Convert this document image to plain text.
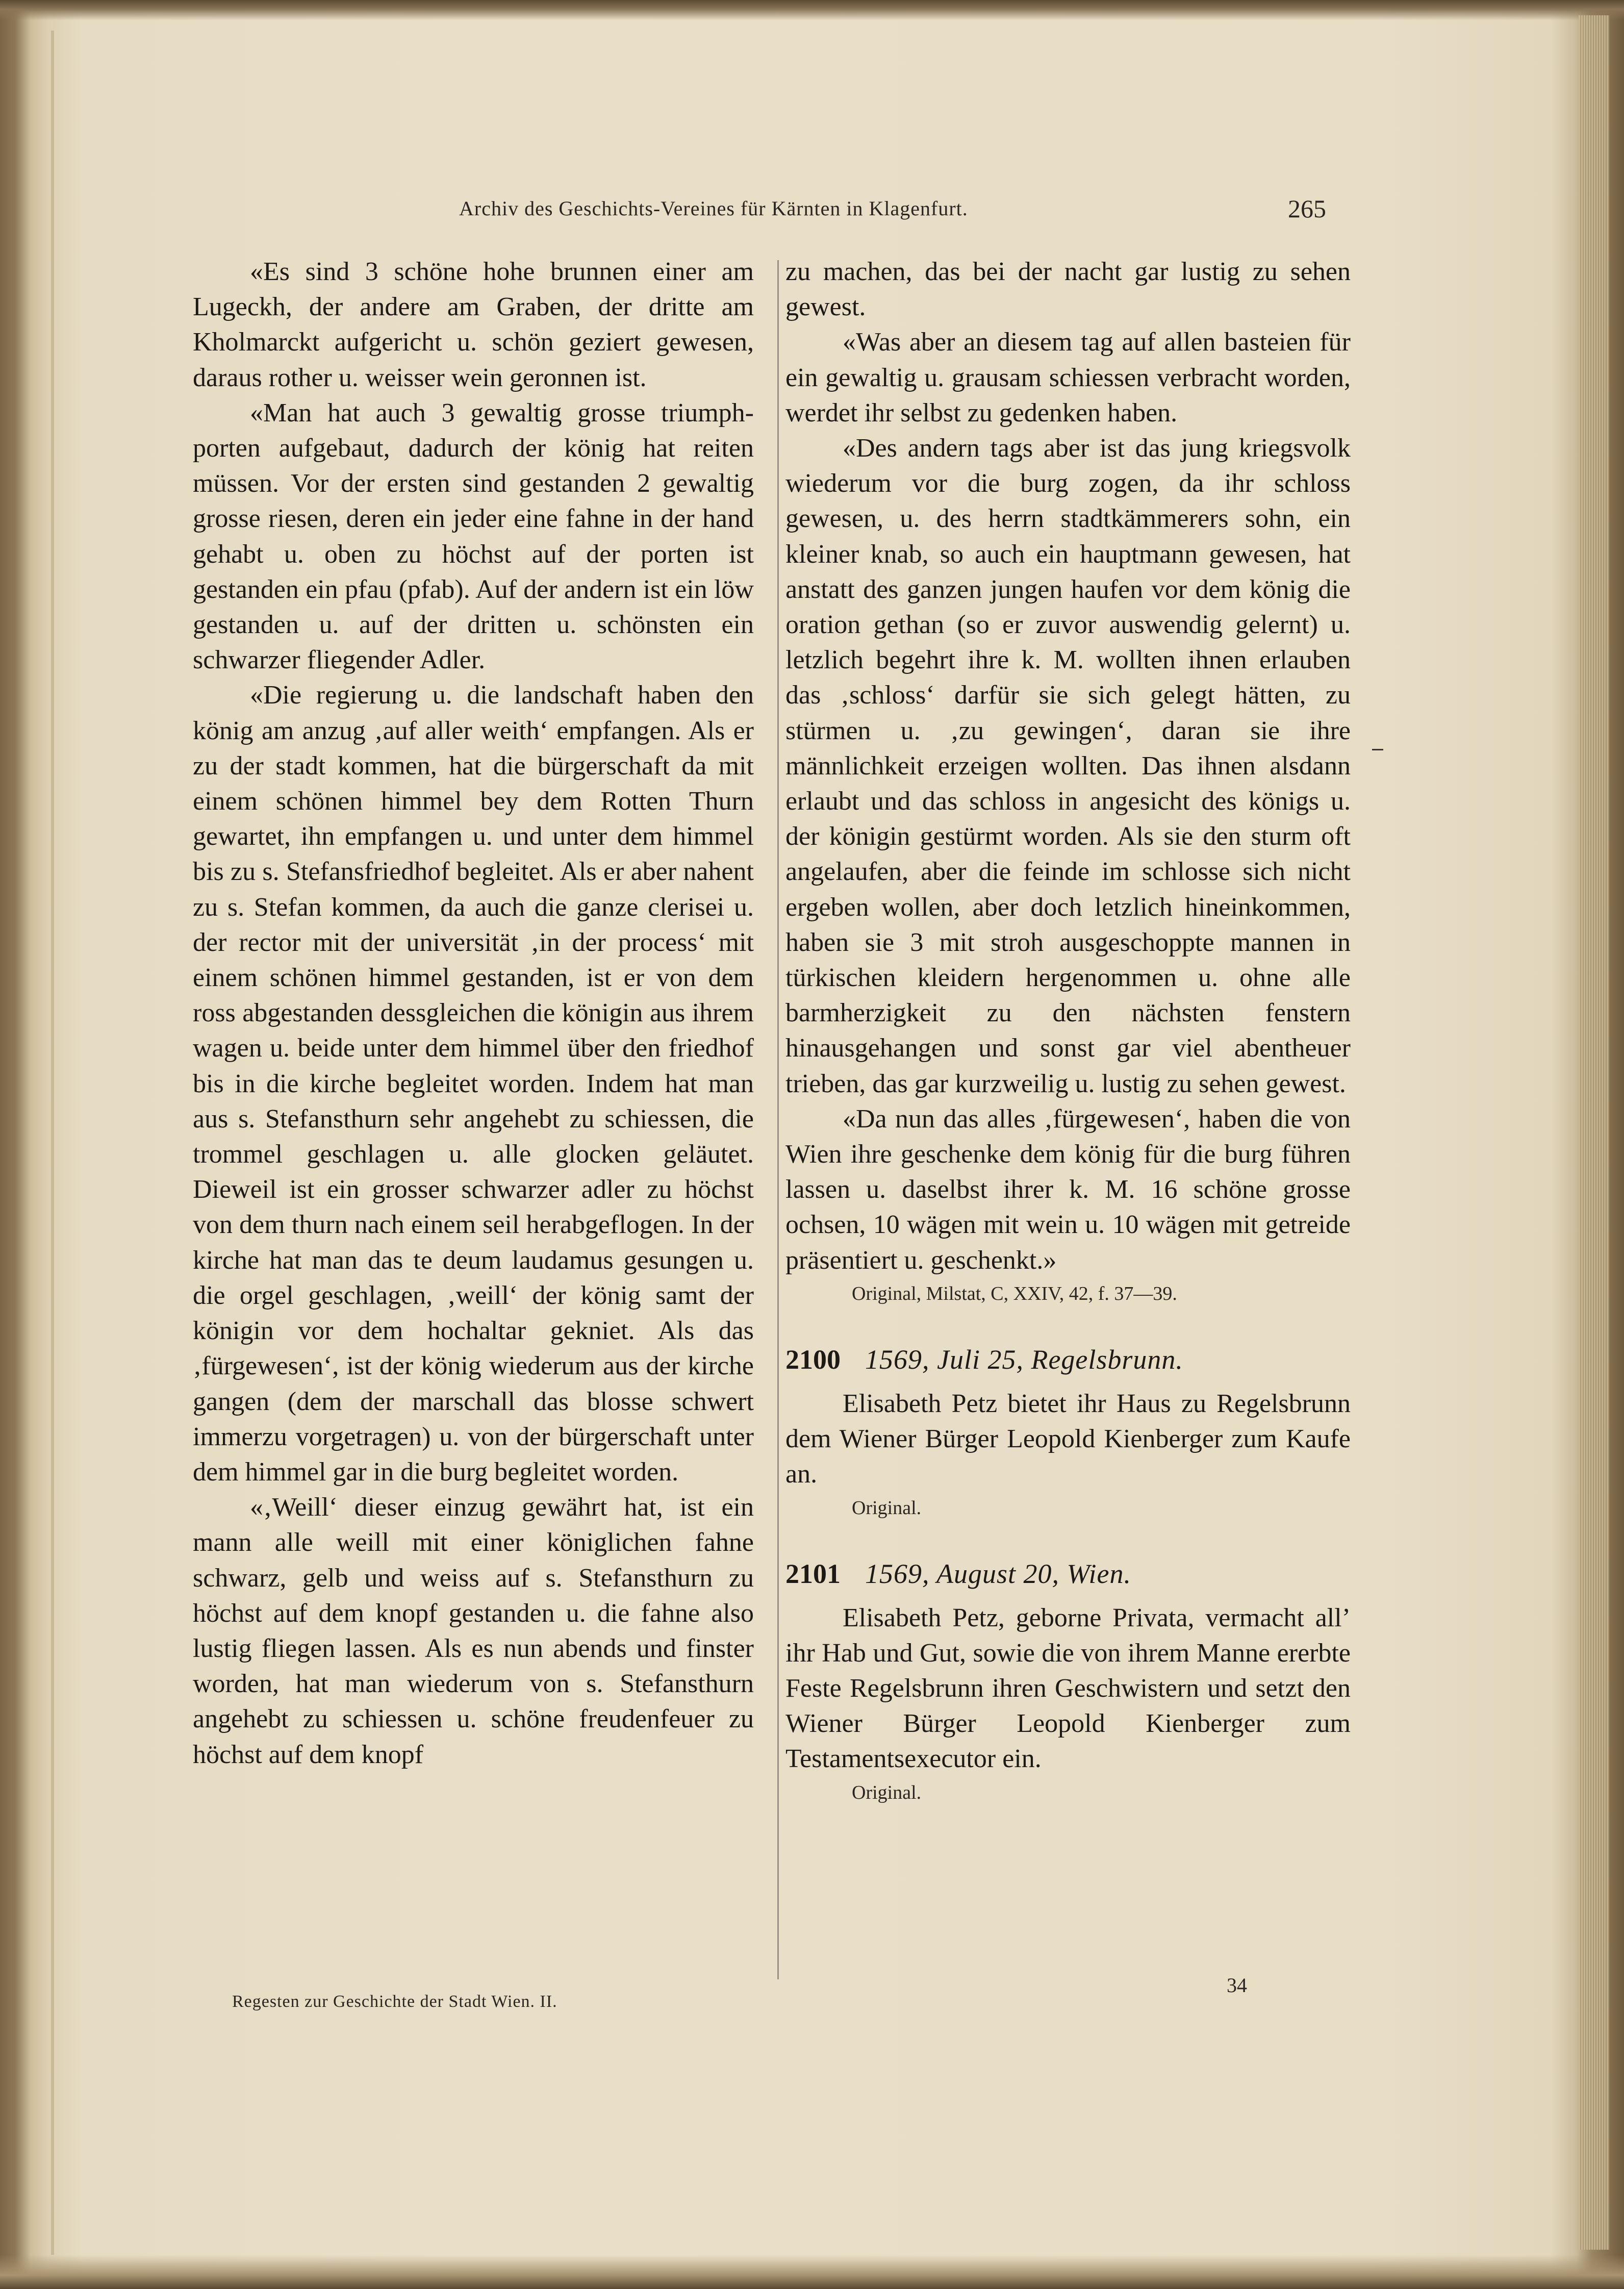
Archiv des Geschichts-Vereines für Kärnten in Klagenfurt.	265

«Es sind 3 schöne hohe brunnen einer am Lugeckh, der andere am Graben, der dritte am Kholmarckt aufgericht u. schön geziert gewesen, daraus rother u. weisser wein geronnen ist.

«Man hat auch 3 gewaltig grosse triumphporten aufgebaut, dadurch der könig hat reiten müssen. Vor der ersten sind gestanden 2 gewaltig grosse riesen, deren ein jeder eine fahne in der hand gehabt u. oben zu höchst auf der porten ist gestanden ein pfau (pfab). Auf der andern ist ein löw gestanden u. auf der dritten u. schönsten ein schwarzer fliegender Adler.

«Die regierung u. die landschaft haben den könig am anzug ‚auf aller weith‘ empfangen. Als er zu der stadt kommen, hat die bürgerschaft da mit einem schönen himmel bey dem Rotten Thurn gewartet, ihn empfangen u. und unter dem himmel bis zu s. Stefansfriedhof begleitet. Als er aber nahent zu s. Stefan kommen, da auch die ganze clerisei u. der rector mit der universität ‚in der process‘ mit einem schönen himmel gestanden, ist er von dem ross abgestanden dessgleichen die königin aus ihrem wagen u. beide unter dem himmel über den friedhof bis in die kirche begleitet worden. Indem hat man aus s. Stefansthurn sehr angehebt zu schiessen, die trommel geschlagen u. alle glocken geläutet. Dieweil ist ein grosser schwarzer adler zu höchst von dem thurn nach einem seil herabgeflogen. In der kirche hat man das te deum laudamus gesungen u. die orgel geschlagen, ‚weill‘ der könig samt der königin vor dem hochaltar gekniet. Als das ‚fürgewesen‘, ist der könig wiederum aus der kirche gangen (dem der marschall das blosse schwert immerzu vorgetragen) u. von der bürgerschaft unter dem himmel gar in die burg begleitet worden.

«‚Weill‘ dieser einzug gewährt hat, ist ein mann alle weill mit einer königlichen fahne schwarz, gelb und weiss auf s. Stefansthurn zu höchst auf dem knopf gestanden u. die fahne also lustig fliegen lassen. Als es nun abends und finster worden, hat man wiederum von s. Stefansthurn angehebt zu schiessen u. schöne freudenfeuer zu höchst auf dem knopf

zu machen, das bei der nacht gar lustig zu sehen gewest.

«Was aber an diesem tag auf allen basteien für ein gewaltig u. grausam schiessen verbracht worden, werdet ihr selbst zu gedenken haben.

«Des andern tags aber ist das jung kriegsvolk wiederum vor die burg zogen, da ihr schloss gewesen, u. des herrn stadtkämmerers sohn, ein kleiner knab, so auch ein hauptmann gewesen, hat anstatt des ganzen jungen haufen vor dem könig die oration gethan (so er zuvor auswendig gelernt) u. letzlich begehrt ihre k. M. wollten ihnen erlauben das ‚schloss‘ darfür sie sich gelegt hätten, zu stürmen u. ‚zu gewingen‘, daran sie ihre männlichkeit erzeigen wollten. Das ihnen alsdann erlaubt und das schloss in angesicht des königs u. der königin gestürmt worden. Als sie den sturm oft angelaufen, aber die feinde im schlosse sich nicht ergeben wollen, aber doch letzlich hineinkommen, haben sie 3 mit stroh ausgeschoppte mannen in türkischen kleidern hergenommen u. ohne alle barmherzigkeit zu den nächsten fenstern hinausgehangen und sonst gar viel abentheuer trieben, das gar kurzweilig u. lustig zu sehen gewest.

«Da nun das alles ‚fürgewesen‘, haben die von Wien ihre geschenke dem könig für die burg führen lassen u. daselbst ihrer k. M. 16 schöne grosse ochsen, 10 wägen mit wein u. 10 wägen mit getreide präsentiert u. geschenkt.»

Original, Milstat, C, XXIV, 42, f. 37—39.

2100 1569, Juli 25, Regelsbrunn.

Elisabeth Petz bietet ihr Haus zu Regelsbrunn dem Wiener Bürger Leopold Kienberger zum Kaufe an.

Original.

2101 1569, August 20, Wien.

Elisabeth Petz, geborne Privata, vermacht all’ ihr Hab und Gut, sowie die von ihrem Manne ererbte Feste Regelsbrunn ihren Geschwistern und setzt den Wiener Bürger Leopold Kienberger zum Testamentsexecutor ein.

Original.

Regesten zur Geschichte der Stadt Wien. II.
34
